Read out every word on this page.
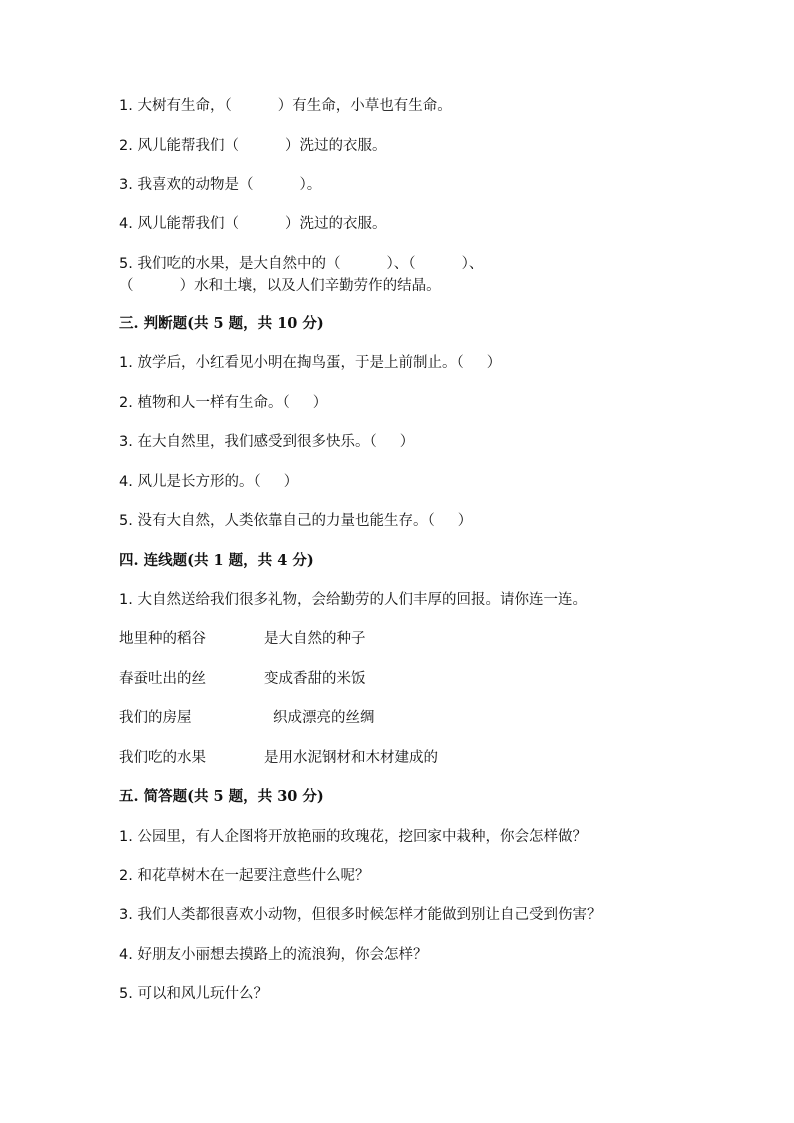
1. 大树有生命，（          ）有生命，小草也有生命。
2. 风儿能帮我们（          ）洗过的衣服。
3. 我喜欢的动物是（          ）。
4. 风儿能帮我们（          ）洗过的衣服。
5. 我们吃的水果，是大自然中的（          ）、（          ）、
（          ）水和土壤，以及人们辛勤劳作的结晶。
三. 判断题(共 5 题，共 10 分)
1. 放学后，小红看见小明在掏鸟蛋，于是上前制止。（     ）
2. 植物和人一样有生命。（     ）
3. 在大自然里，我们感受到很多快乐。（     ）
4. 风儿是长方形的。（     ）
5. 没有大自然，人类依靠自己的力量也能生存。（     ）
四. 连线题(共 1 题，共 4 分)
1. 大自然送给我们很多礼物，会给勤劳的人们丰厚的回报。请你连一连。
地里种的稻谷	是大自然的种子
春蚕吐出的丝	变成香甜的米饭
我们的房屋	织成漂亮的丝绸
我们吃的水果	是用水泥钢材和木材建成的
五. 简答题(共 5 题，共 30 分)
1. 公园里，有人企图将开放艳丽的玫瑰花，挖回家中栽种，你会怎样做？
2. 和花草树木在一起要注意些什么呢？
3. 我们人类都很喜欢小动物，但很多时候怎样才能做到别让自己受到伤害？
4. 好朋友小丽想去摸路上的流浪狗，你会怎样？
5. 可以和风儿玩什么？
